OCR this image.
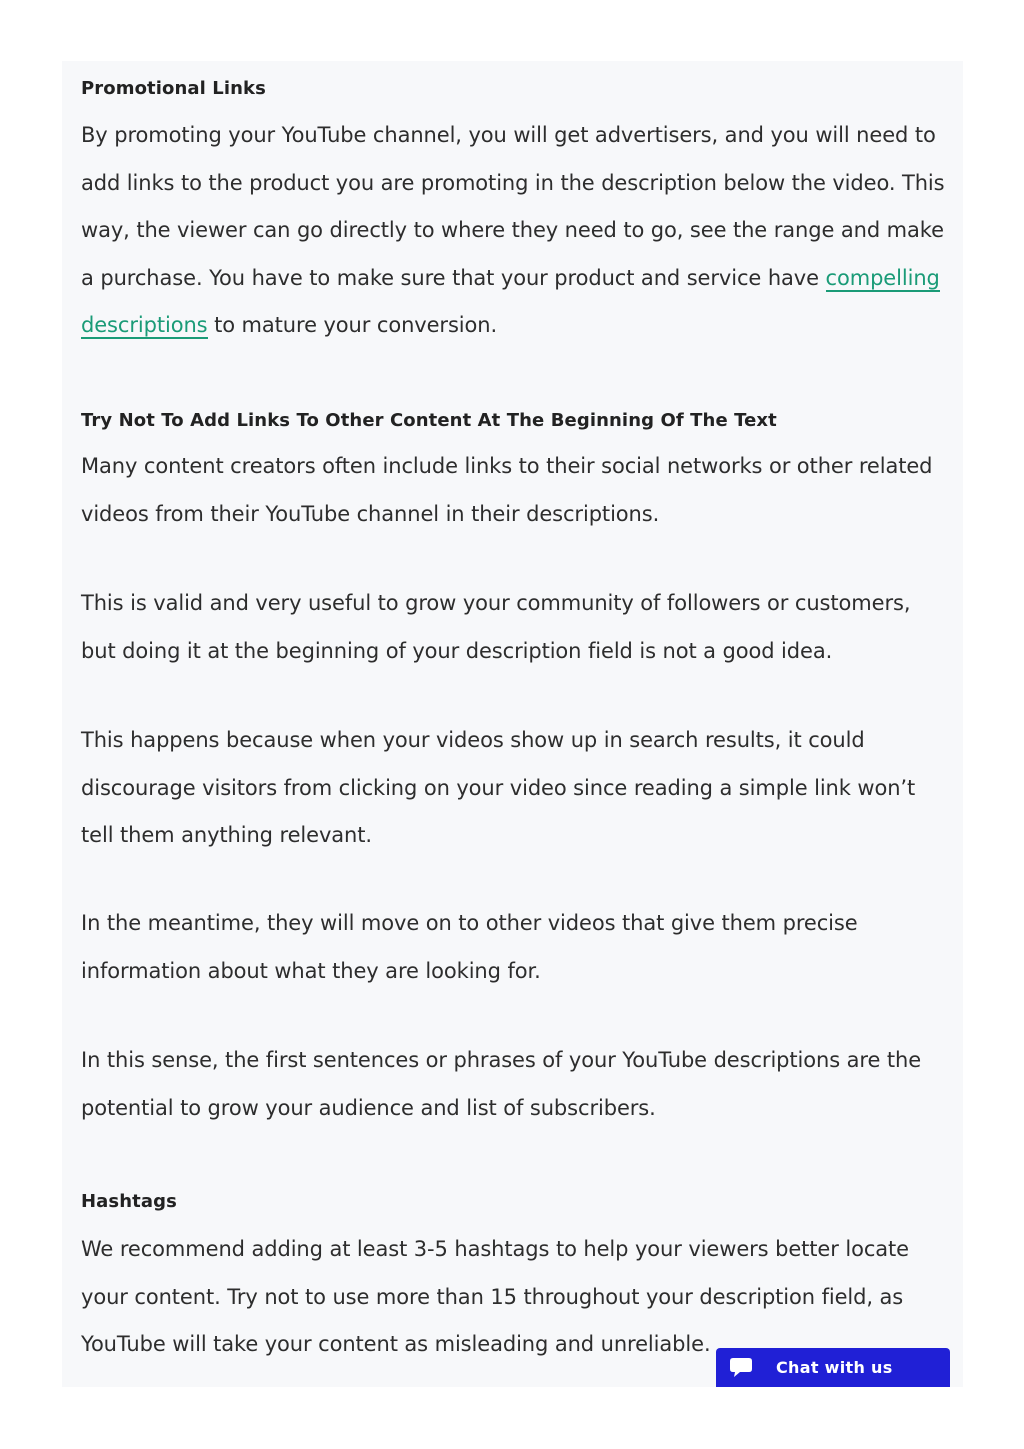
Promotional Links

By promoting your YouTube channel, you will get advertisers, and you will need to add links to the product you are promoting in the description below the video. This way, the viewer can go directly to where they need to go, see the range and make a purchase. You have to make sure that your product and service have compelling descriptions to mature your conversion.

Try Not To Add Links To Other Content At The Beginning Of The Text

Many content creators often include links to their social networks or other related videos from their YouTube channel in their descriptions.

This is valid and very useful to grow your community of followers or customers, but doing it at the beginning of your description field is not a good idea.

This happens because when your videos show up in search results, it could discourage visitors from clicking on your video since reading a simple link won’t tell them anything relevant.

In the meantime, they will move on to other videos that give them precise information about what they are looking for.

In this sense, the first sentences or phrases of your YouTube descriptions are the potential to grow your audience and list of subscribers.

Hashtags

We recommend adding at least 3-5 hashtags to help your viewers better locate your content. Try not to use more than 15 throughout your description field, as YouTube will take your content as misleading and unreliable.

Chat with us
